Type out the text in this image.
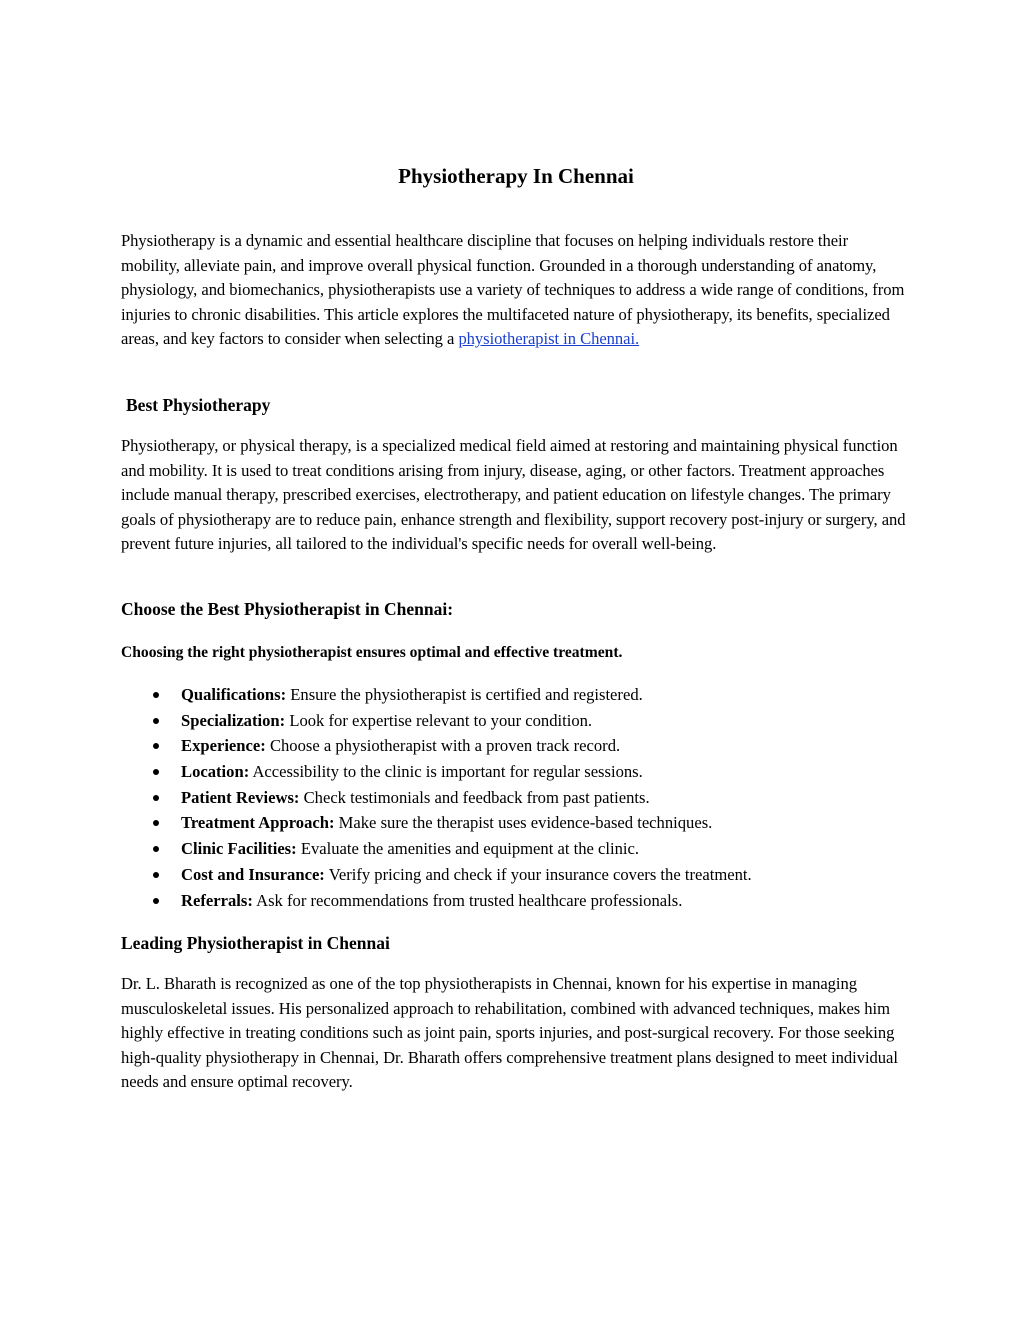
Physiotherapy In Chennai

Physiotherapy is a dynamic and essential healthcare discipline that focuses on helping individuals restore their mobility, alleviate pain, and improve overall physical function. Grounded in a thorough understanding of anatomy, physiology, and biomechanics, physiotherapists use a variety of techniques to address a wide range of conditions, from injuries to chronic disabilities. This article explores the multifaceted nature of physiotherapy, its benefits, specialized areas, and key factors to consider when selecting a physiotherapist in Chennai.

Best Physiotherapy

Physiotherapy, or physical therapy, is a specialized medical field aimed at restoring and maintaining physical function and mobility. It is used to treat conditions arising from injury, disease, aging, or other factors. Treatment approaches include manual therapy, prescribed exercises, electrotherapy, and patient education on lifestyle changes. The primary goals of physiotherapy are to reduce pain, enhance strength and flexibility, support recovery post-injury or surgery, and prevent future injuries, all tailored to the individual's specific needs for overall well-being.

Choose the Best Physiotherapist in Chennai:

Choosing the right physiotherapist ensures optimal and effective treatment.

Qualifications: Ensure the physiotherapist is certified and registered.
Specialization: Look for expertise relevant to your condition.
Experience: Choose a physiotherapist with a proven track record.
Location: Accessibility to the clinic is important for regular sessions.
Patient Reviews: Check testimonials and feedback from past patients.
Treatment Approach: Make sure the therapist uses evidence-based techniques.
Clinic Facilities: Evaluate the amenities and equipment at the clinic.
Cost and Insurance: Verify pricing and check if your insurance covers the treatment.
Referrals: Ask for recommendations from trusted healthcare professionals.
Leading Physiotherapist in Chennai

Dr. L. Bharath is recognized as one of the top physiotherapists in Chennai, known for his expertise in managing musculoskeletal issues. His personalized approach to rehabilitation, combined with advanced techniques, makes him highly effective in treating conditions such as joint pain, sports injuries, and post-surgical recovery. For those seeking high-quality physiotherapy in Chennai, Dr. Bharath offers comprehensive treatment plans designed to meet individual needs and ensure optimal recovery.
